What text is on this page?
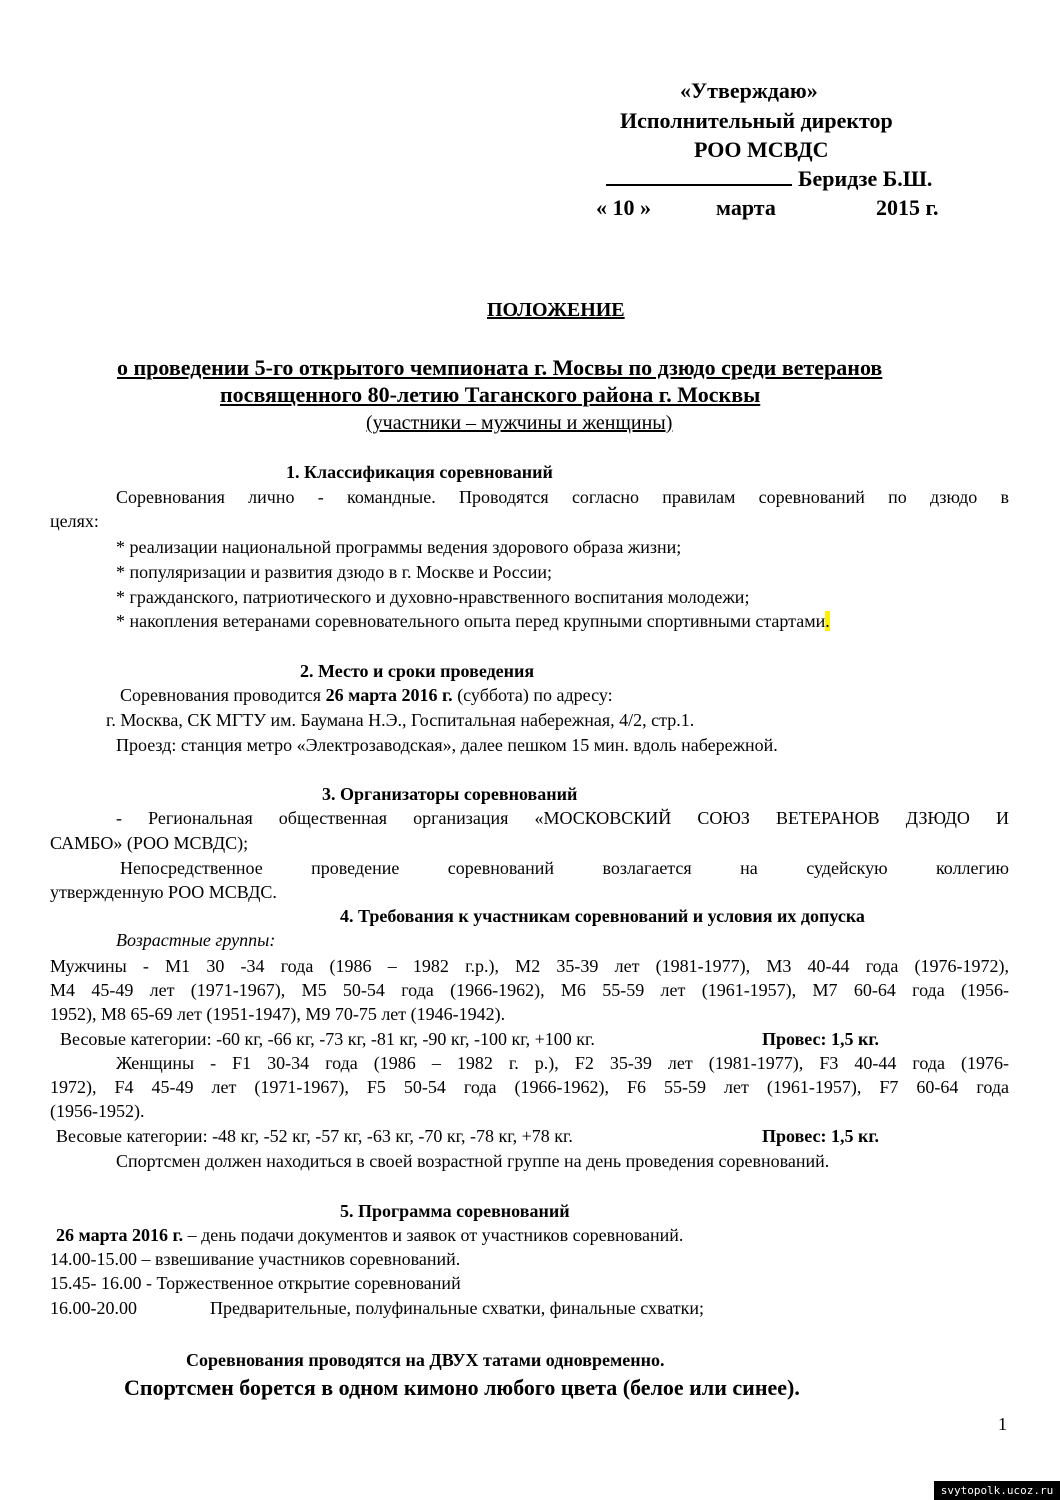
«Утверждаю»
Исполнительный директор
РОО МСВДС
Беридзе Б.Ш.
« 10 »	марта	2015 г.
ПОЛОЖЕНИЕ
о проведении 5-го открытого чемпионата г. Мосвы по дзюдо среди ветеранов
посвященного 80-летию Таганского района г. Москвы
(участники – мужчины и женщины)
1. Классификация соревнований
Соревнования лично - командные. Проводятся согласно правилам соревнований по дзюдо в
целях:
* реализации национальной программы ведения здорового образа жизни;
* популяризации и развития дзюдо в г. Москве и России;
* гражданского, патриотического и духовно-нравственного воспитания молодежи;
* накопления ветеранами соревновательного опыта перед крупными спортивными стартами.
2. Место и сроки проведения
Соревнования проводится 26 марта 2016 г. (суббота) по адресу:
г. Москва, СК МГТУ им. Баумана Н.Э., Госпитальная набережная, 4/2, стр.1.
Проезд: станция метро «Электрозаводская», далее пешком 15 мин. вдоль набережной.
3. Организаторы соревнований
- Региональная общественная организация «МОСКОВСКИЙ СОЮЗ ВЕТЕРАНОВ ДЗЮДО И
САМБО» (РОО МСВДС);
Непосредственное проведение соревнований возлагается на судейскую коллегию
утвержденную РОО МСВДС.
4. Требования к участникам соревнований и условия их допуска
Возрастные группы:
Мужчины - М1 30 -34 года (1986 – 1982 г.р.), М2 35-39 лет (1981-1977), М3 40-44 года (1976-1972),
М4 45-49 лет (1971-1967), М5 50-54 года (1966-1962), М6 55-59 лет (1961-1957), М7 60-64 года (1956-
1952), М8 65-69 лет (1951-1947), М9 70-75 лет (1946-1942).
Весовые категории: -60 кг, -66 кг, -73 кг, -81 кг, -90 кг, -100 кг, +100 кг.	Провес: 1,5 кг.
Женщины - F1 30-34 года (1986 – 1982 г. р.), F2 35-39 лет (1981-1977), F3 40-44 года (1976-
1972), F4 45-49 лет (1971-1967), F5 50-54 года (1966-1962), F6 55-59 лет (1961-1957), F7 60-64 года
(1956-1952).
Весовые категории: -48 кг, -52 кг, -57 кг, -63 кг, -70 кг, -78 кг, +78 кг.	Провес: 1,5 кг.
Спортсмен должен находиться в своей возрастной группе на день проведения соревнований.
5. Программа соревнований
26 марта 2016 г. – день подачи документов и заявок от участников соревнований.
14.00-15.00 – взвешивание участников соревнований.
15.45- 16.00 - Торжественное открытие соревнований
16.00-20.00	Предварительные, полуфинальные схватки, финальные схватки;
Соревнования проводятся на ДВУХ татами одновременно.
Спортсмен борется в одном кимоно любого цвета (белое или синее).
1
svytopolk.ucoz.ru
